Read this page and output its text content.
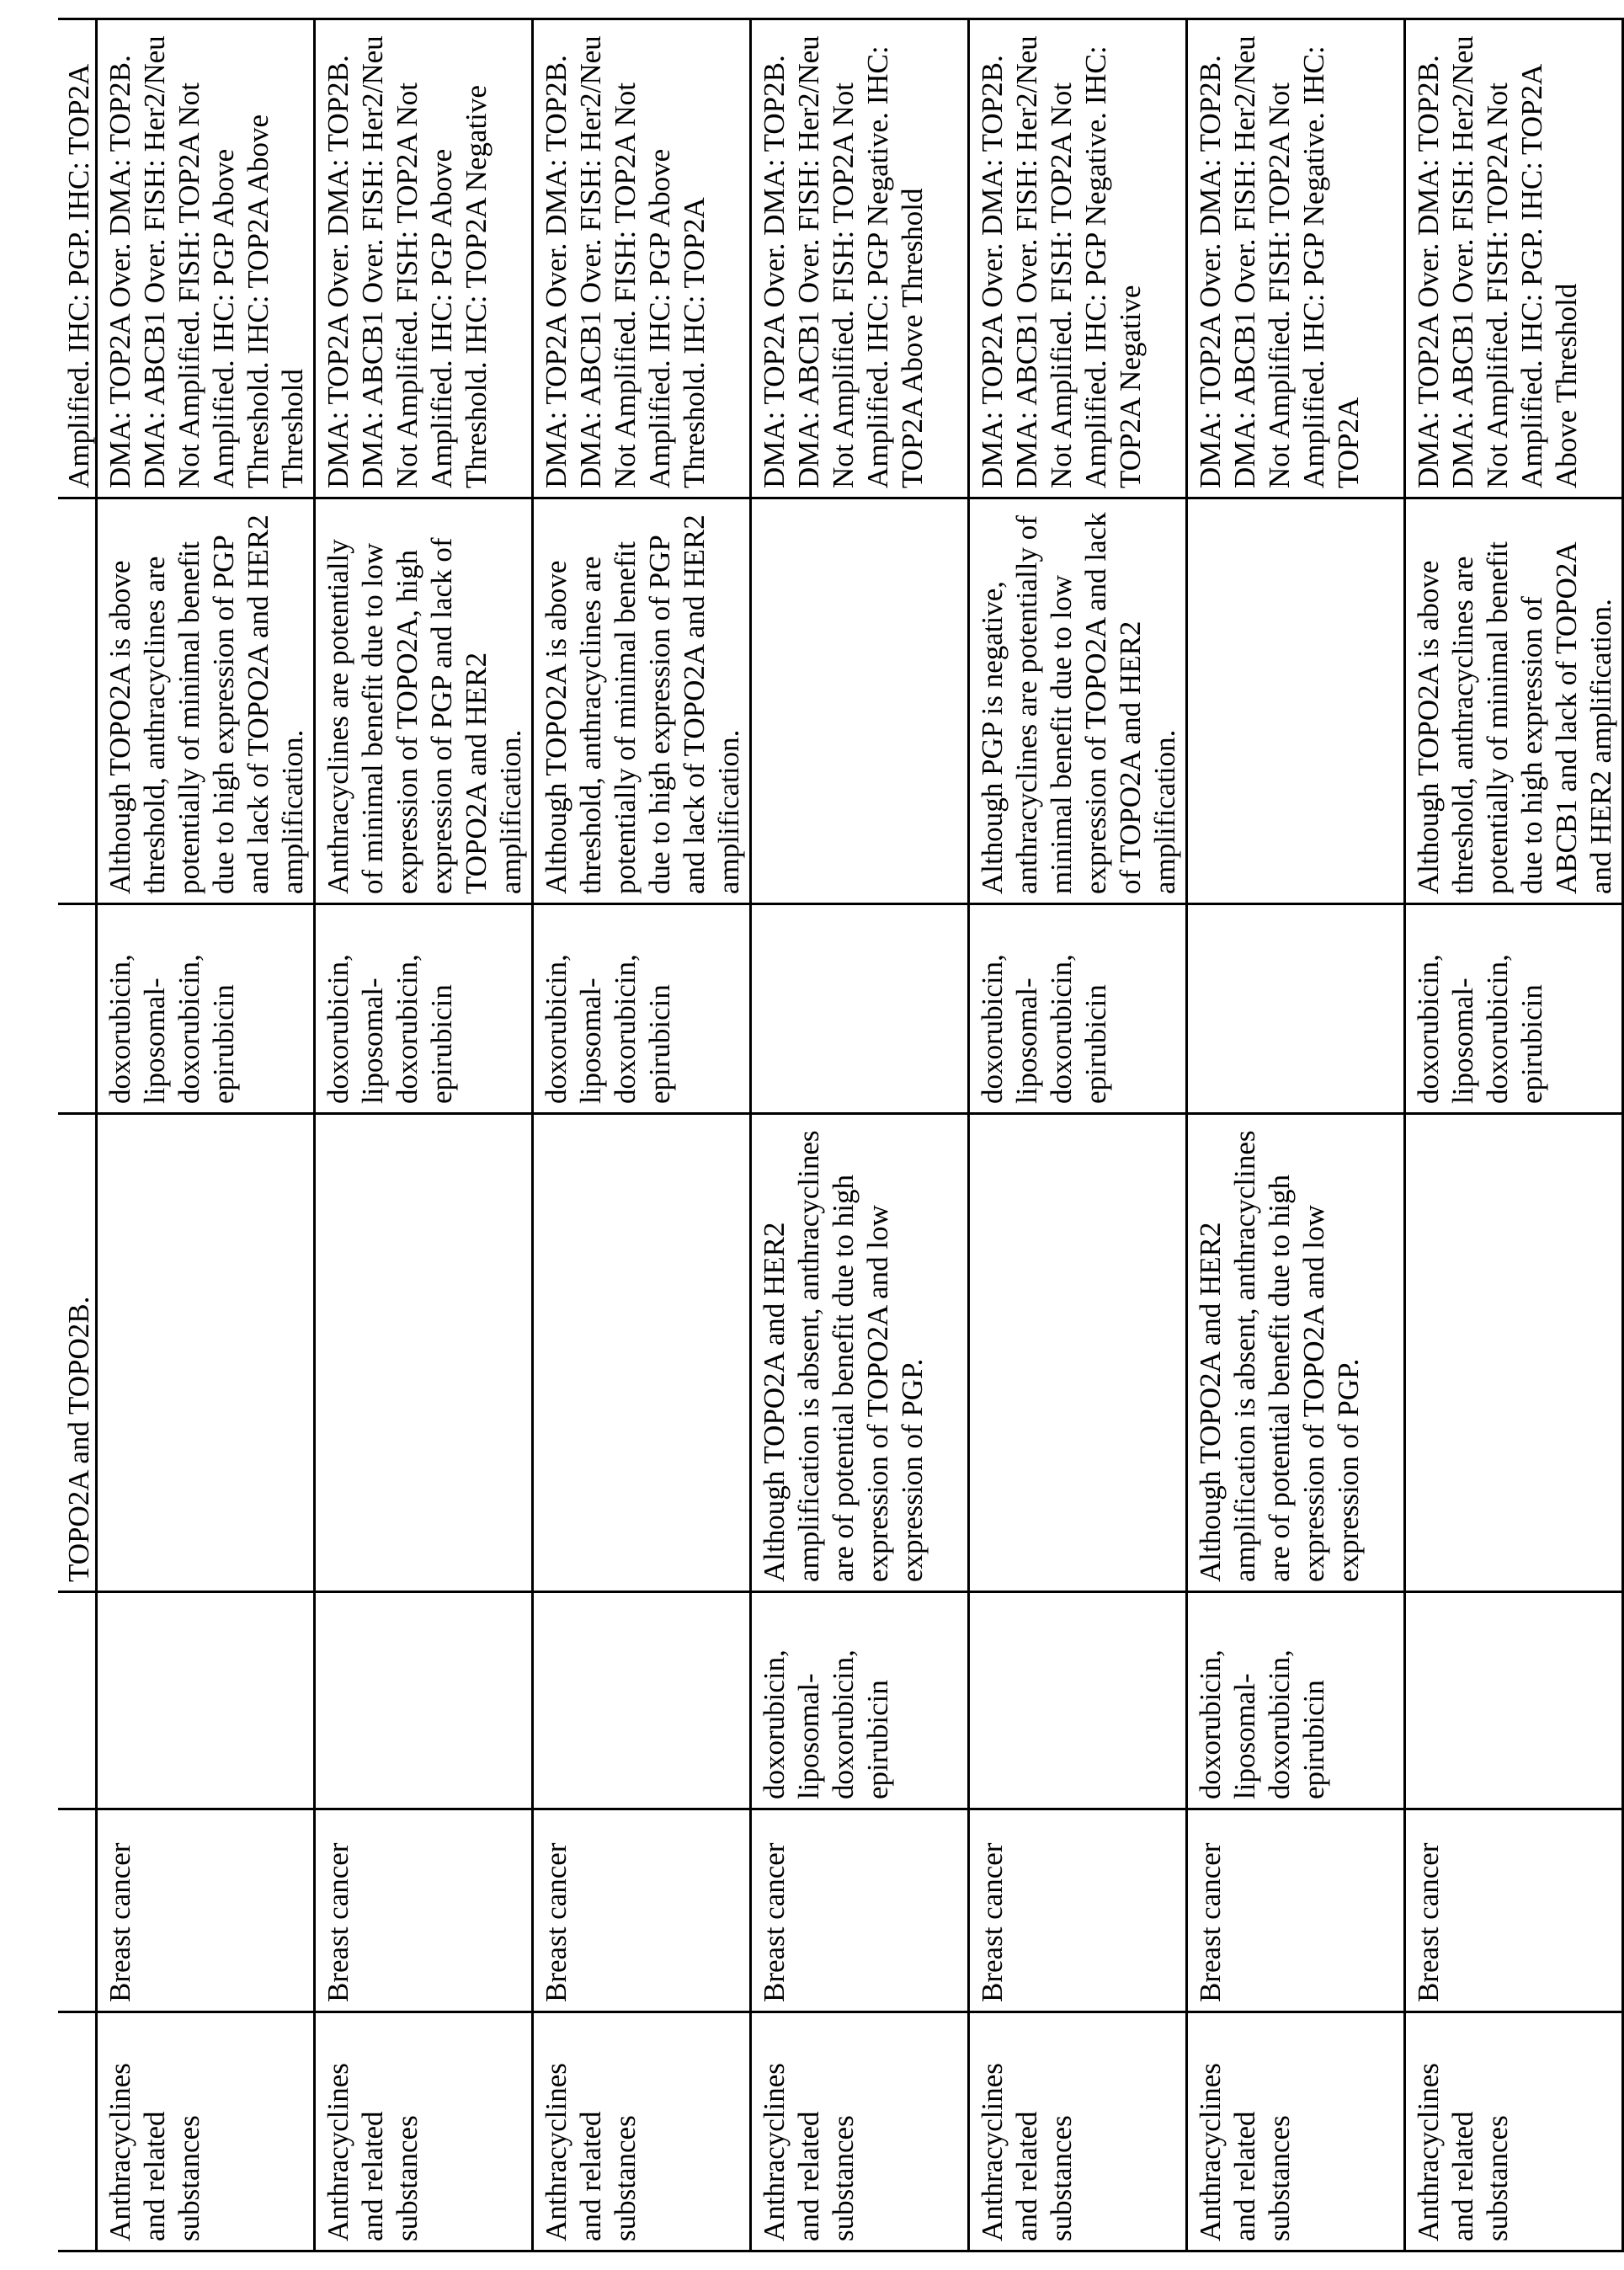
TOPO2A and TOPO2B.

Amplified. IHC: PGP. IHC: TOP2A

Anthracyclines and related substances

Breast cancer

doxorubicin, liposomal-doxorubicin, epirubicin

Although TOPO2A is above threshold, anthracyclines are potentially of minimal benefit due to high expression of PGP and lack of TOPO2A and HER2 amplification.

DMA: TOP2A Over. DMA: TOP2B. DMA: ABCB1 Over. FISH: Her2/Neu Not Amplified. FISH: TOP2A Not Amplified. IHC: PGP Above Threshold. IHC: TOP2A Above Threshold

Anthracyclines and related substances

Breast cancer

doxorubicin, liposomal-doxorubicin, epirubicin

Anthracyclines are potentially of minimal benefit due to low expression of TOPO2A, high expression of PGP and lack of TOPO2A and HER2 amplification.

DMA: TOP2A Over. DMA: TOP2B. DMA: ABCB1 Over. FISH: Her2/Neu Not Amplified. FISH: TOP2A Not Amplified. IHC: PGP Above Threshold. IHC: TOP2A Negative

Anthracyclines and related substances

Breast cancer

doxorubicin, liposomal-doxorubicin, epirubicin

Although TOPO2A is above threshold, anthracyclines are potentially of minimal benefit due to high expression of PGP and lack of TOPO2A and HER2 amplification.

DMA: TOP2A Over. DMA: TOP2B. DMA: ABCB1 Over. FISH: Her2/Neu Not Amplified. FISH: TOP2A Not Amplified. IHC: PGP Above Threshold. IHC: TOP2A

Anthracyclines and related substances

Breast cancer

doxorubicin, liposomal-doxorubicin, epirubicin

Although TOPO2A and HER2 amplification is absent, anthracyclines are of potential benefit due to high expression of TOPO2A and low expression of PGP.

DMA: TOP2A Over. DMA: TOP2B. DMA: ABCB1 Over. FISH: Her2/Neu Not Amplified. FISH: TOP2A Not Amplified. IHC: PGP Negative. IHC: TOP2A Above Threshold

Anthracyclines and related substances

Breast cancer

doxorubicin, liposomal-doxorubicin, epirubicin

Although PGP is negative, anthracyclines are potentially of minimal benefit due to low expression of TOPO2A and lack of TOPO2A and HER2 amplification.

DMA: TOP2A Over. DMA: TOP2B. DMA: ABCB1 Over. FISH: Her2/Neu Not Amplified. FISH: TOP2A Not Amplified. IHC: PGP Negative. IHC: TOP2A Negative

Anthracyclines and related substances

Breast cancer

doxorubicin, liposomal-doxorubicin, epirubicin

Although TOPO2A and HER2 amplification is absent, anthracyclines are of potential benefit due to high expression of TOPO2A and low expression of PGP.

DMA: TOP2A Over. DMA: TOP2B. DMA: ABCB1 Over. FISH: Her2/Neu Not Amplified. FISH: TOP2A Not Amplified. IHC: PGP Negative. IHC: TOP2A

Anthracyclines and related substances

Breast cancer

doxorubicin, liposomal-doxorubicin, epirubicin

Although TOPO2A is above threshold, anthracyclines are potentially of minimal benefit due to high expression of ABCB1 and lack of TOPO2A and HER2 amplification.

DMA: TOP2A Over. DMA: TOP2B. DMA: ABCB1 Over. FISH: Her2/Neu Not Amplified. FISH: TOP2A Not Amplified. IHC: PGP. IHC: TOP2A Above Threshold
